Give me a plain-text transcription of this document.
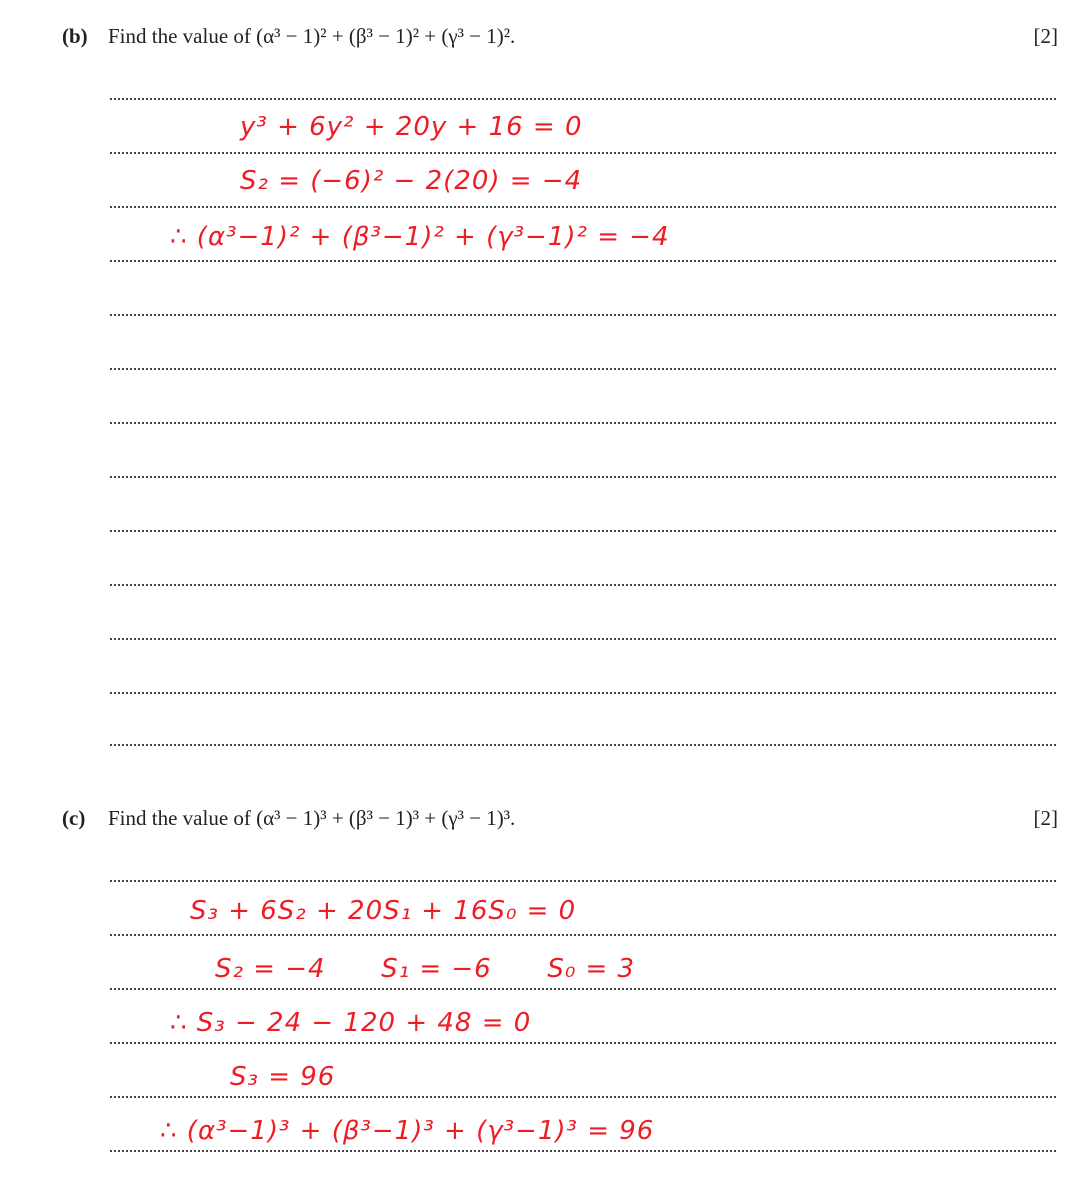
(b) Find the value of (α³ − 1)² + (β³ − 1)² + (γ³ − 1)².	[2]
y³ + 6y² + 20y + 16 = 0
S₂ = (−6)² − 2(20) = −4
∴ (α³−1)² + (β³−1)² + (γ³−1)² = −4
(c) Find the value of (α³ − 1)³ + (β³ − 1)³ + (γ³ − 1)³.	[2]
S₃ + 6S₂ + 20S₁ + 16S₀ = 0
S₂ = −4      S₁ = −6      S₀ = 3
∴ S₃ − 24 − 120 + 48 = 0
S₃ = 96
∴ (α³−1)³ + (β³−1)³ + (γ³−1)³ = 96
